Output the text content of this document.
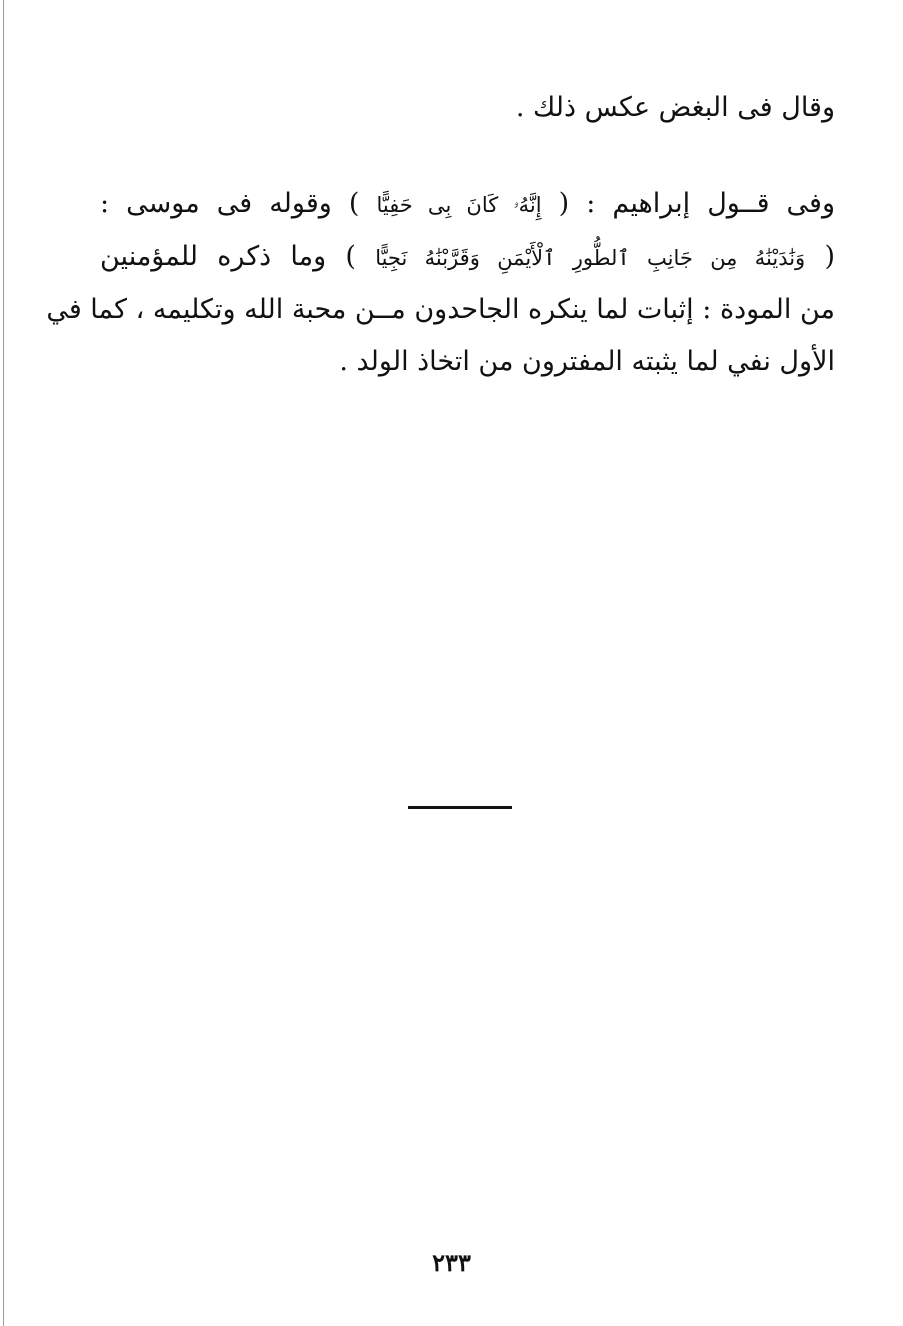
وقال فى البغض عكس ذلك .
وفى قــول إبراهيم : ( إِنَّهُۥ كَانَ بِى حَفِيًّا ) وقوله فى موسى :
( وَنَٰدَيْنَٰهُ مِن جَانِبِ ٱلطُّورِ ٱلْأَيْمَنِ وَقَرَّبْنَٰهُ نَجِيًّا ) وما ذكره للمؤمنين
من المودة : إثبات لما ينكره الجاحدون مــن محبة الله وتكليمه ، كما في
الأول نفي لما يثبته المفترون من اتخاذ الولد .
٢٣٣
